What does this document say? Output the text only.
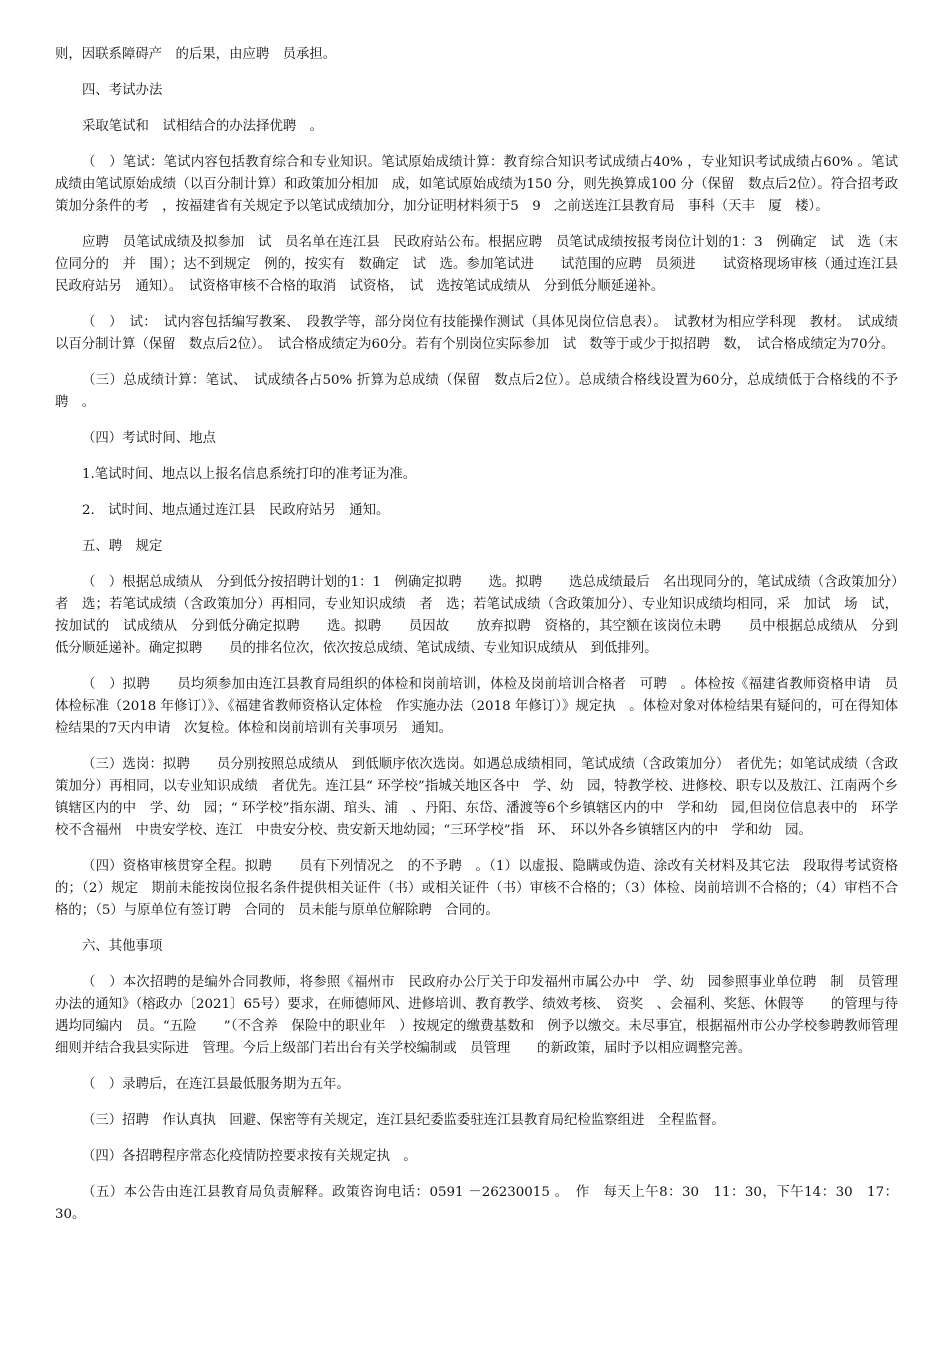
则，因联系障碍产　的后果，由应聘　员承担。

四、考试办法

采取笔试和　试相结合的办法择优聘　。

（　）笔试：笔试内容包括教育综合和专业知识。笔试原始成绩计算：教育综合知识考试成绩占40% ，专业知识考试成绩占60% 。笔试成绩由笔试原始成绩（以百分制计算）和政策加分相加　成，如笔试原始成绩为150 分，则先换算成100 分（保留　数点后2位）。符合招考政策加分条件的考　，按福建省有关规定予以笔试成绩加分，加分证明材料须于5　9　之前送连江县教育局　事科（天丰　厦　楼）。

应聘　员笔试成绩及拟参加　试　员名单在连江县　民政府站公布。根据应聘　员笔试成绩按报考岗位计划的1：3　例确定　试　选（末位同分的　并　围）；达不到规定　例的，按实有　数确定　试　选。参加笔试进　　试范围的应聘　员须进　　试资格现场审核（通过连江县　民政府站另　通知）。　试资格审核不合格的取消　试资格，　试　选按笔试成绩从　分到低分顺延递补。

（　）　试：　试内容包括编写教案、　段教学等，部分岗位有技能操作测试（具体见岗位信息表）。　试教材为相应学科现　教材。　试成绩以百分制计算（保留　数点后2位）。　试合格成绩定为60分。若有个别岗位实际参加　试　数等于或少于拟招聘　数，　试合格成绩定为70分。

（三）总成绩计算：笔试、　试成绩各占50% 折算为总成绩（保留　数点后2位）。总成绩合格线设置为60分，总成绩低于合格线的不予聘　。

（四）考试时间、地点

1.笔试时间、地点以上报名信息系统打印的准考证为准。

2.　试时间、地点通过连江县　民政府站另　通知。

五、聘　规定

（　）根据总成绩从　分到低分按招聘计划的1：1　例确定拟聘　　选。拟聘　　选总成绩最后　名出现同分的，笔试成绩（含政策加分）　者　选；若笔试成绩（含政策加分）再相同，专业知识成绩　者　选；若笔试成绩（含政策加分）、专业知识成绩均相同，采　加试　场　试，按加试的　试成绩从　分到低分确定拟聘　　选。拟聘　　员因故　　放弃拟聘　资格的，其空额在该岗位未聘　　员中根据总成绩从　分到低分顺延递补。确定拟聘　　员的排名位次，依次按总成绩、笔试成绩、专业知识成绩从　到低排列。

（　）拟聘　　员均须参加由连江县教育局组织的体检和岗前培训，体检及岗前培训合格者　可聘　。体检按《福建省教师资格申请　员体检标准（2018 年修订）》、《福建省教师资格认定体检　作实施办法（2018 年修订）》规定执　。体检对象对体检结果有疑问的，可在得知体检结果的7天内申请　次复检。体检和岗前培训有关事项另　通知。

（三）选岗：拟聘　　员分别按照总成绩从　到低顺序依次选岗。如遇总成绩相同，笔试成绩（含政策加分）　者优先；如笔试成绩（含政策加分）再相同，以专业知识成绩　者优先。连江县“ 环学校”指城关地区各中　学、幼　园，特教学校、进修校、职专以及敖江、江南两个乡镇辖区内的中　学、幼　园；“ 环学校”指东湖、琯头、浦　、丹阳、东岱、潘渡等6个乡镇辖区内的中　学和幼　园,但岗位信息表中的　环学校不含福州　中贵安学校、连江　中贵安分校、贵安新天地幼园；“三环学校”指　环、　环以外各乡镇辖区内的中　学和幼　园。

（四）资格审核贯穿全程。拟聘　　员有下列情况之　的不予聘　。（1）以虚报、隐瞒或伪造、涂改有关材料及其它法　段取得考试资格的；（2）规定　期前未能按岗位报名条件提供相关证件（书）或相关证件（书）审核不合格的；（3）体检、岗前培训不合格的；（4）审档不合格的；（5）与原单位有签订聘　合同的　员未能与原单位解除聘　合同的。

六、其他事项

（　）本次招聘的是编外合同教师，将参照《福州市　民政府办公厅关于印发福州市属公办中　学、幼　园参照事业单位聘　制　员管理办法的通知》（榕政办〔2021〕65号）要求，在师德师风、进修培训、教育教学、绩效考核、　资奖　、会福利、奖惩、休假等　　的管理与待遇均同编内　员。“五险　　”（不含养　保险中的职业年　）按规定的缴费基数和　例予以缴交。未尽事宜，根据福州市公办学校参聘教师管理细则并结合我县实际进　管理。今后上级部门若出台有关学校编制或　员管理　　的新政策，届时予以相应调整完善。

（　）录聘后，在连江县最低服务期为五年。

（三）招聘　作认真执　回避、保密等有关规定，连江县纪委监委驻连江县教育局纪检监察组进　全程监督。

（四）各招聘程序常态化疫情防控要求按有关规定执　。

（五）本公告由连江县教育局负责解释。政策咨询电话：0591 －26230015 。　作　每天上午8：30　11：30，下午14：30　17：30。
